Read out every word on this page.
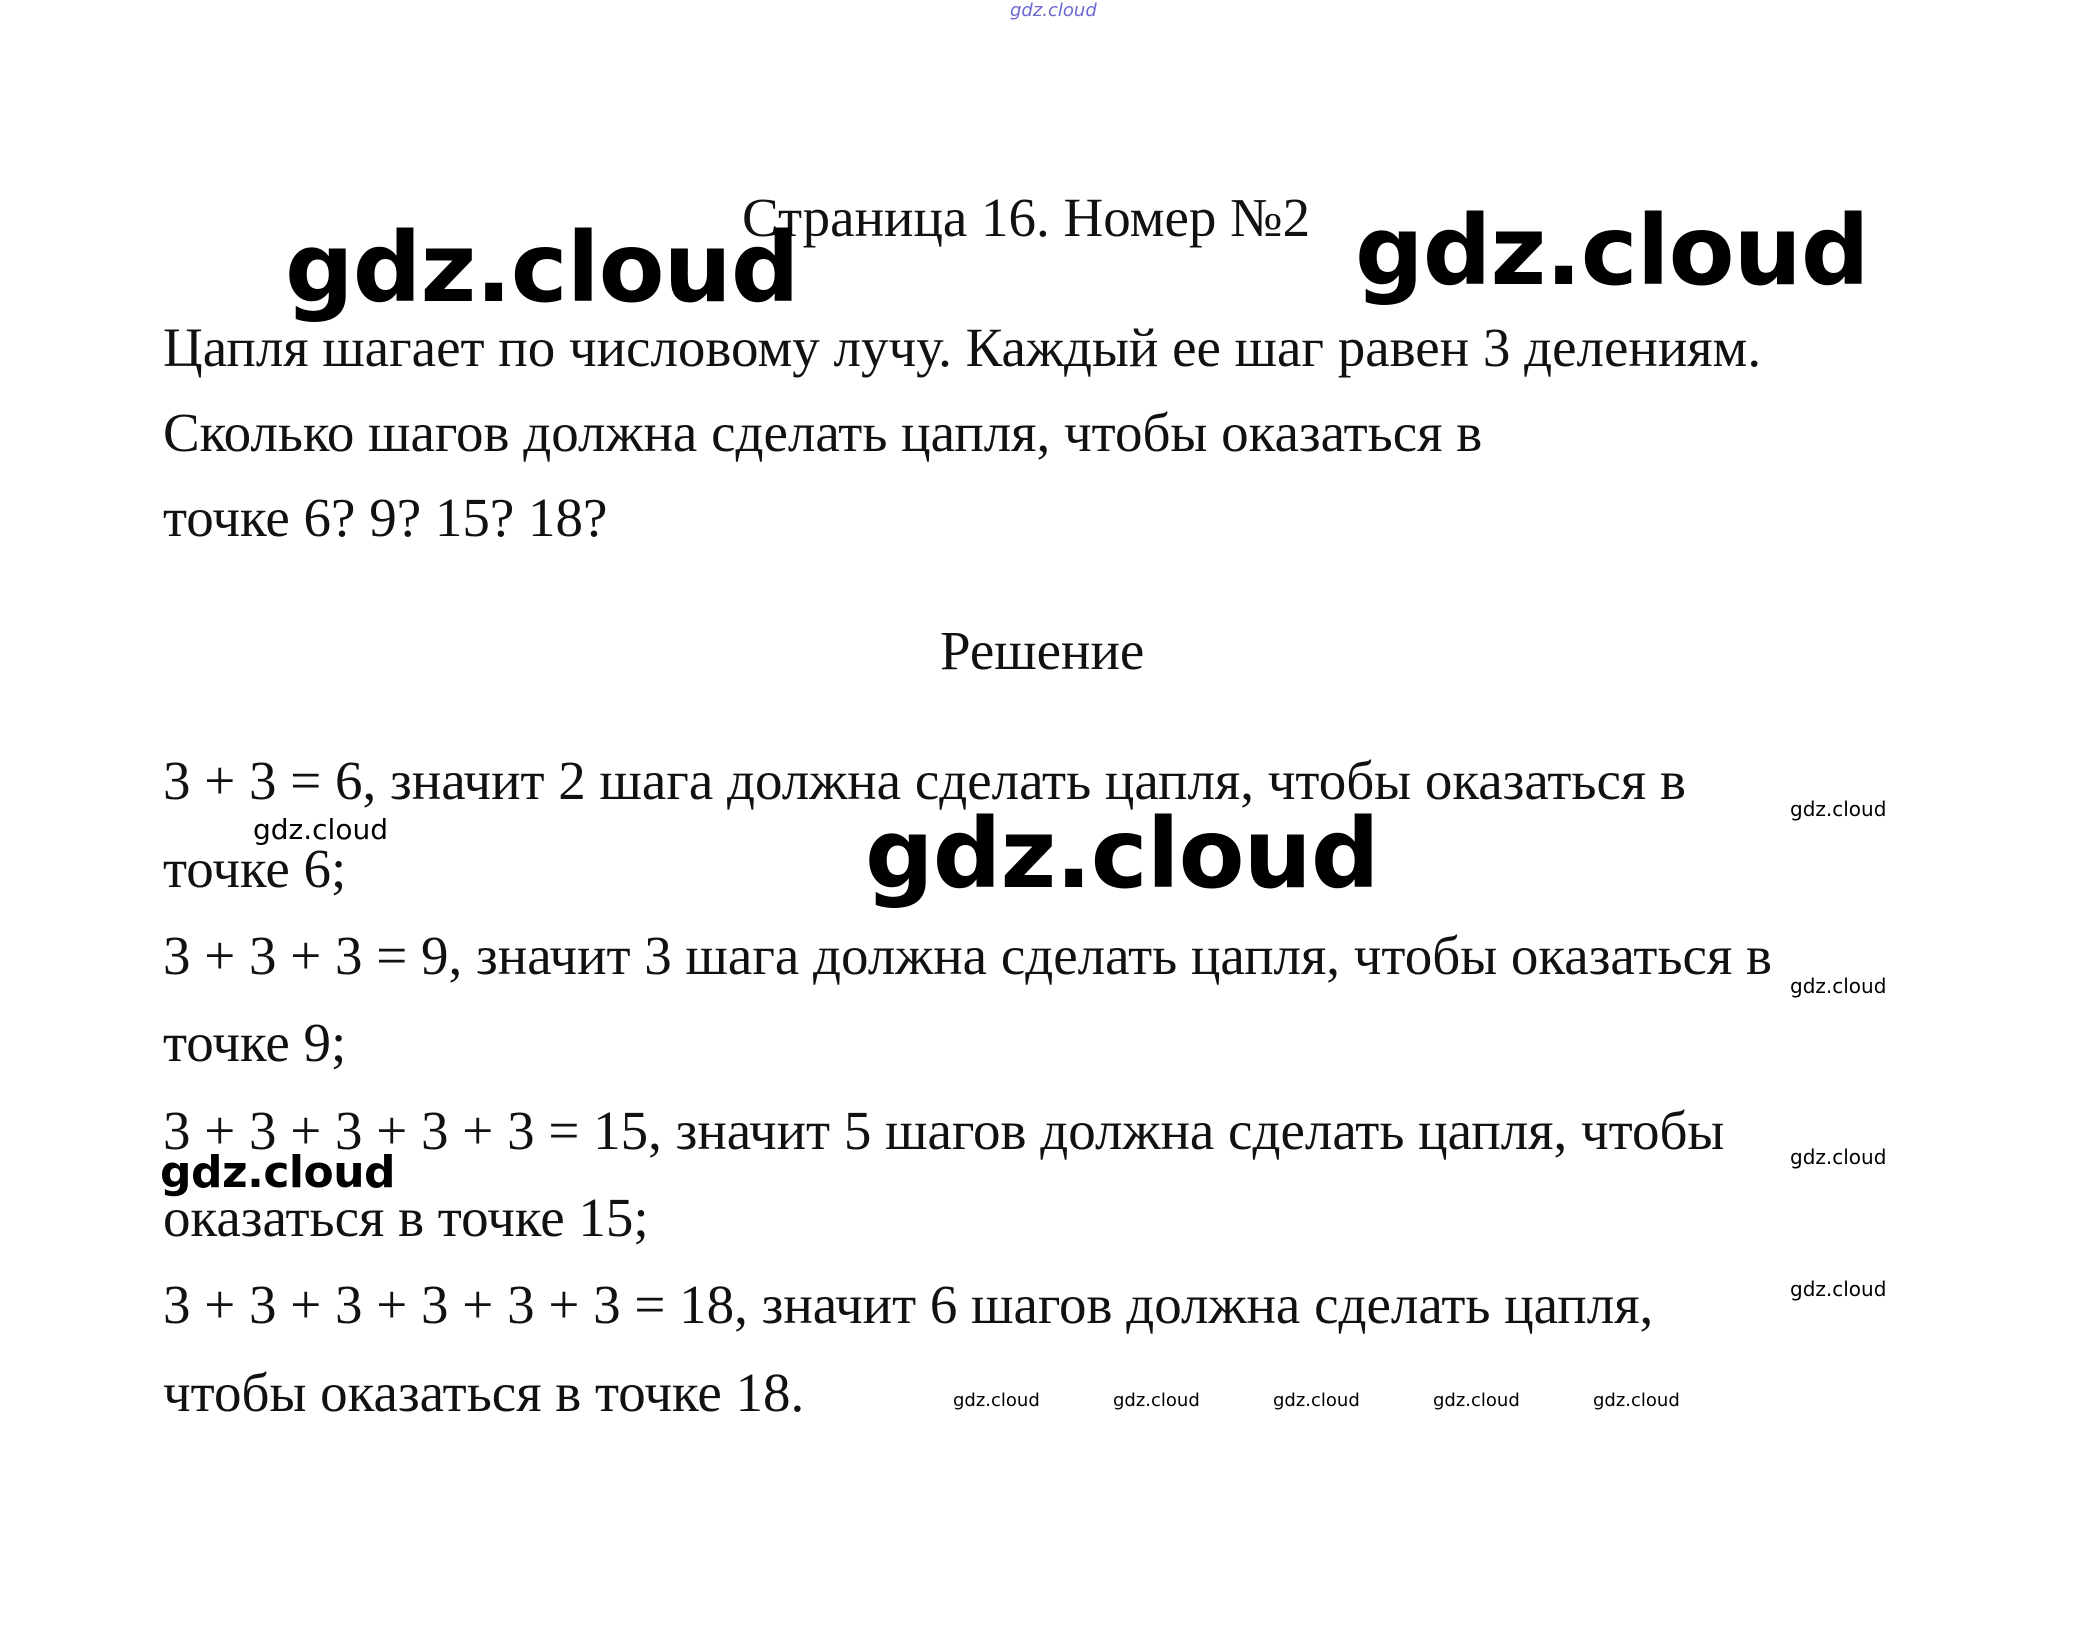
gdz.cloud
Страница 16. Номер №2
gdz.cloud	gdz.cloud
Цапля шагает по числовому лучу. Каждый ее шаг равен 3 делениям.
Сколько шагов должна сделать цапля, чтобы оказаться в
точке 6? 9? 15? 18?
Решение
3 + 3 = 6, значит 2 шага должна сделать цапля, чтобы оказаться в
точке 6;
3 + 3 + 3 = 9, значит 3 шага должна сделать цапля, чтобы оказаться в
точке 9;
3 + 3 + 3 + 3 + 3 = 15, значит 5 шагов должна сделать цапля, чтобы
оказаться в точке 15;
3 + 3 + 3 + 3 + 3 + 3 = 18, значит 6 шагов должна сделать цапля,
чтобы оказаться в точке 18.
gdz.cloud	gdz.cloud	gdz.cloud
gdz.cloud
gdz.cloud
gdz.cloud
gdz.cloud
gdz.cloud	gdz.cloud	gdz.cloud	gdz.cloud	gdz.cloud
